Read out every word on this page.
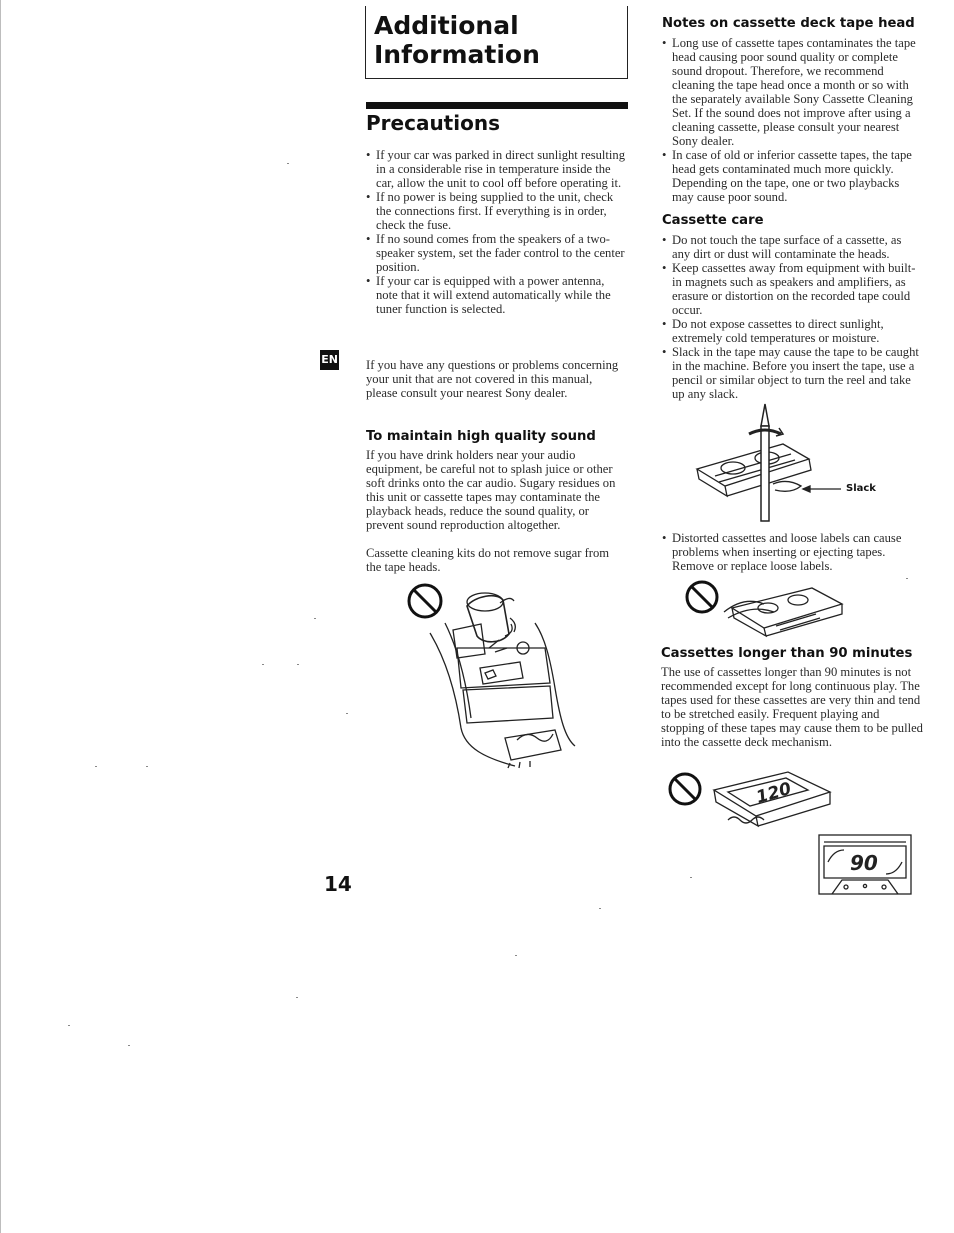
Additional
Information
Precautions
• If your car was parked in direct sunlight resulting in a considerable rise in temperature inside the car, allow the unit to cool off before operating it.
• If no power is being supplied to the unit, check the connections first. If everything is in order, check the fuse.
• If no sound comes from the speakers of a two-speaker system, set the fader control to the center position.
• If your car is equipped with a power antenna, note that it will extend automatically while the tuner function is selected.
EN If you have any questions or problems concerning your unit that are not covered in this manual, please consult your nearest Sony dealer.

To maintain high quality sound

If you have drink holders near your audio equipment, be careful not to splash juice or other soft drinks onto the car audio. Sugary residues on this unit or cassette tapes may contaminate the playback heads, reduce the sound quality, or prevent sound reproduction altogether.

Cassette cleaning kits do not remove sugar from the tape heads.

Notes on cassette deck tape head
• Long use of cassette tapes contaminates the tape head causing poor sound quality or complete sound dropout. Therefore, we recommend cleaning the tape head once a month or so with the separately available Sony Cassette Cleaning Set. If the sound does not improve after using a cleaning cassette, please consult your nearest Sony dealer.
• In case of old or inferior cassette tapes, the tape head gets contaminated much more quickly. Depending on the tape, one or two playbacks may cause poor sound.
Cassette care
• Do not touch the tape surface of a cassette, as any dirt or dust will contaminate the heads.
• Keep cassettes away from equipment with built-in magnets such as speakers and amplifiers, as erasure or distortion on the recorded tape could occur.
• Do not expose cassettes to direct sunlight, extremely cold temperatures or moisture.
• Slack in the tape may cause the tape to be caught in the machine. Before you insert the tape, use a pencil or similar object to turn the reel and take up any slack.
Slack
• Distorted cassettes and loose labels can cause problems when inserting or ejecting tapes. Remove or replace loose labels.
Cassettes longer than 90 minutes

The use of cassettes longer than 90 minutes is not recommended except for long continuous play. The tapes used for these cassettes are very thin and tend to be stretched easily. Frequent playing and stopping of these tapes may cause them to be pulled into the cassette deck mechanism.

120
90
14
